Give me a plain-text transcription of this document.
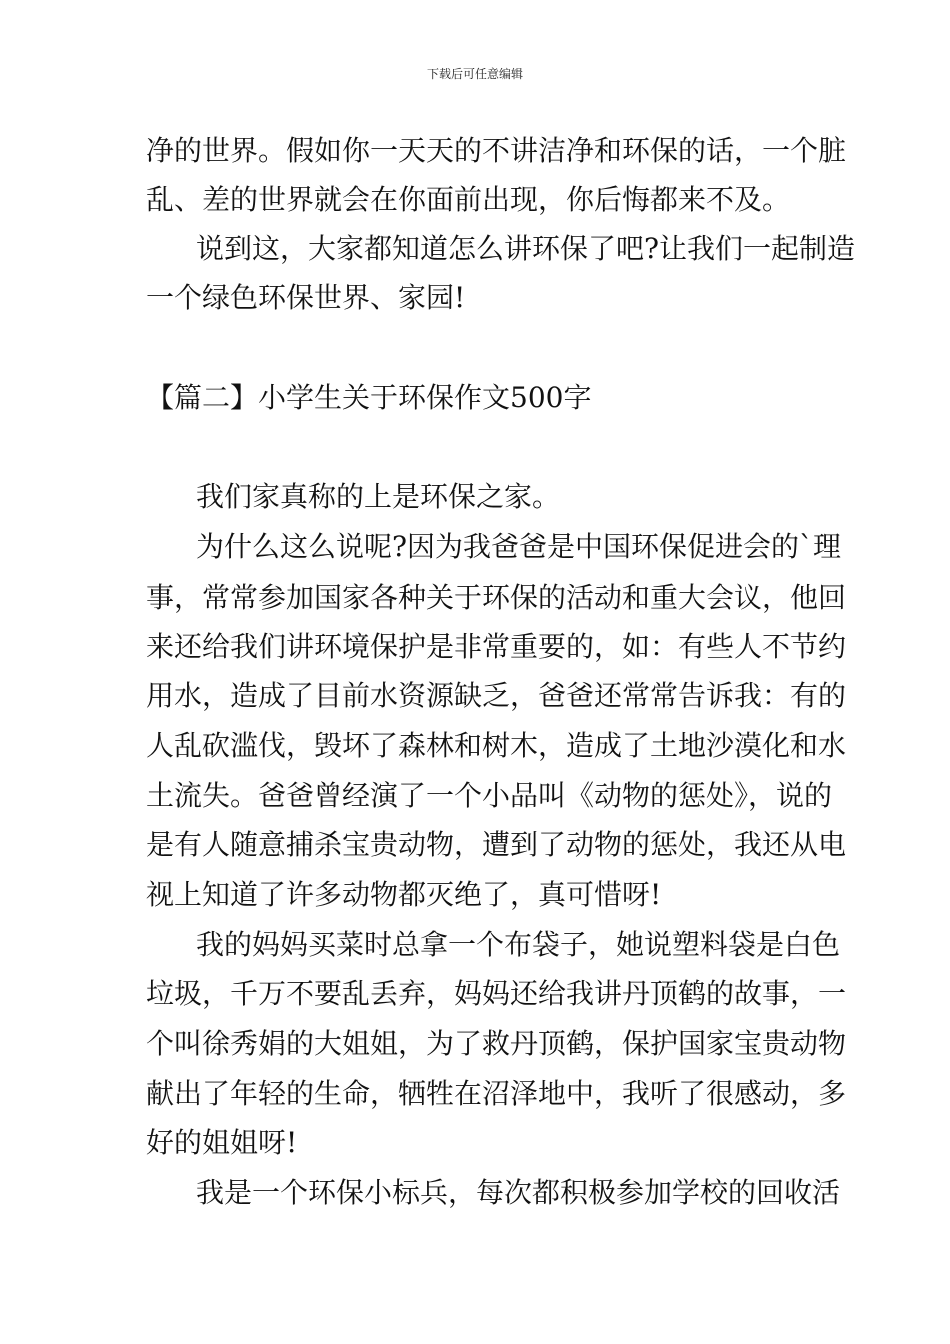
下载后可任意编辑
净的世界。假如你一天天的不讲洁净和环保的话，一个脏
乱、差的世界就会在你面前出现，你后悔都来不及。
说到这，大家都知道怎么讲环保了吧?让我们一起制造
一个绿色环保世界、家园!
【篇二】小学生关于环保作文500字
我们家真称的上是环保之家。
为什么这么说呢?因为我爸爸是中国环保促进会的`理
事，常常参加国家各种关于环保的活动和重大会议，他回
来还给我们讲环境保护是非常重要的，如：有些人不节约
用水，造成了目前水资源缺乏，爸爸还常常告诉我：有的
人乱砍滥伐，毁坏了森林和树木，造成了土地沙漠化和水
土流失。爸爸曾经演了一个小品叫《动物的惩处》，说的
是有人随意捕杀宝贵动物，遭到了动物的惩处，我还从电
视上知道了许多动物都灭绝了，真可惜呀!
我的妈妈买菜时总拿一个布袋子，她说塑料袋是白色
垃圾，千万不要乱丢弃，妈妈还给我讲丹顶鹤的故事，一
个叫徐秀娟的大姐姐，为了救丹顶鹤，保护国家宝贵动物
献出了年轻的生命，牺牲在沼泽地中，我听了很感动，多
好的姐姐呀!
我是一个环保小标兵，每次都积极参加学校的回收活
